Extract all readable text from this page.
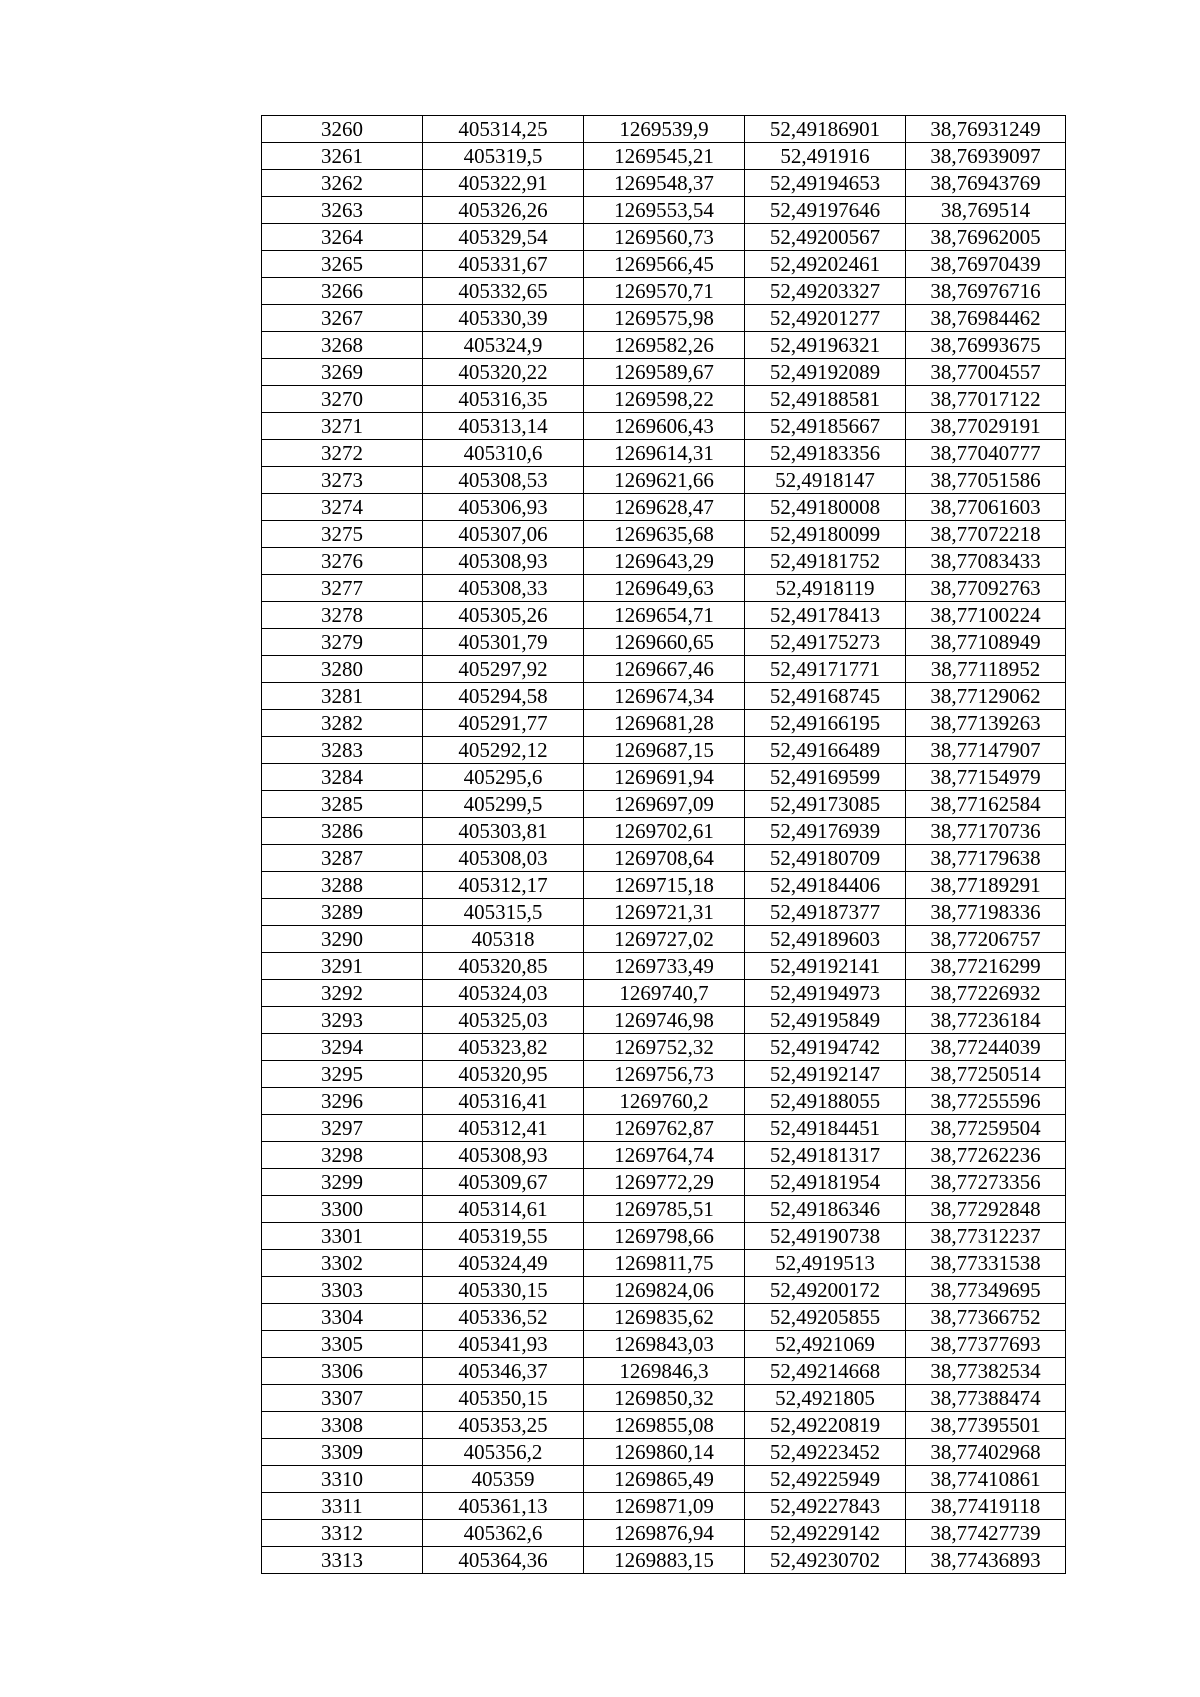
3260	405314,25	1269539,9	52,49186901	38,76931249
3261	405319,5	1269545,21	52,491916	38,76939097
3262	405322,91	1269548,37	52,49194653	38,76943769
3263	405326,26	1269553,54	52,49197646	38,769514
3264	405329,54	1269560,73	52,49200567	38,76962005
3265	405331,67	1269566,45	52,49202461	38,76970439
3266	405332,65	1269570,71	52,49203327	38,76976716
3267	405330,39	1269575,98	52,49201277	38,76984462
3268	405324,9	1269582,26	52,49196321	38,76993675
3269	405320,22	1269589,67	52,49192089	38,77004557
3270	405316,35	1269598,22	52,49188581	38,77017122
3271	405313,14	1269606,43	52,49185667	38,77029191
3272	405310,6	1269614,31	52,49183356	38,77040777
3273	405308,53	1269621,66	52,4918147	38,77051586
3274	405306,93	1269628,47	52,49180008	38,77061603
3275	405307,06	1269635,68	52,49180099	38,77072218
3276	405308,93	1269643,29	52,49181752	38,77083433
3277	405308,33	1269649,63	52,4918119	38,77092763
3278	405305,26	1269654,71	52,49178413	38,77100224
3279	405301,79	1269660,65	52,49175273	38,77108949
3280	405297,92	1269667,46	52,49171771	38,77118952
3281	405294,58	1269674,34	52,49168745	38,77129062
3282	405291,77	1269681,28	52,49166195	38,77139263
3283	405292,12	1269687,15	52,49166489	38,77147907
3284	405295,6	1269691,94	52,49169599	38,77154979
3285	405299,5	1269697,09	52,49173085	38,77162584
3286	405303,81	1269702,61	52,49176939	38,77170736
3287	405308,03	1269708,64	52,49180709	38,77179638
3288	405312,17	1269715,18	52,49184406	38,77189291
3289	405315,5	1269721,31	52,49187377	38,77198336
3290	405318	1269727,02	52,49189603	38,77206757
3291	405320,85	1269733,49	52,49192141	38,77216299
3292	405324,03	1269740,7	52,49194973	38,77226932
3293	405325,03	1269746,98	52,49195849	38,77236184
3294	405323,82	1269752,32	52,49194742	38,77244039
3295	405320,95	1269756,73	52,49192147	38,77250514
3296	405316,41	1269760,2	52,49188055	38,77255596
3297	405312,41	1269762,87	52,49184451	38,77259504
3298	405308,93	1269764,74	52,49181317	38,77262236
3299	405309,67	1269772,29	52,49181954	38,77273356
3300	405314,61	1269785,51	52,49186346	38,77292848
3301	405319,55	1269798,66	52,49190738	38,77312237
3302	405324,49	1269811,75	52,4919513	38,77331538
3303	405330,15	1269824,06	52,49200172	38,77349695
3304	405336,52	1269835,62	52,49205855	38,77366752
3305	405341,93	1269843,03	52,4921069	38,77377693
3306	405346,37	1269846,3	52,49214668	38,77382534
3307	405350,15	1269850,32	52,4921805	38,77388474
3308	405353,25	1269855,08	52,49220819	38,77395501
3309	405356,2	1269860,14	52,49223452	38,77402968
3310	405359	1269865,49	52,49225949	38,77410861
3311	405361,13	1269871,09	52,49227843	38,77419118
3312	405362,6	1269876,94	52,49229142	38,77427739
3313	405364,36	1269883,15	52,49230702	38,77436893
